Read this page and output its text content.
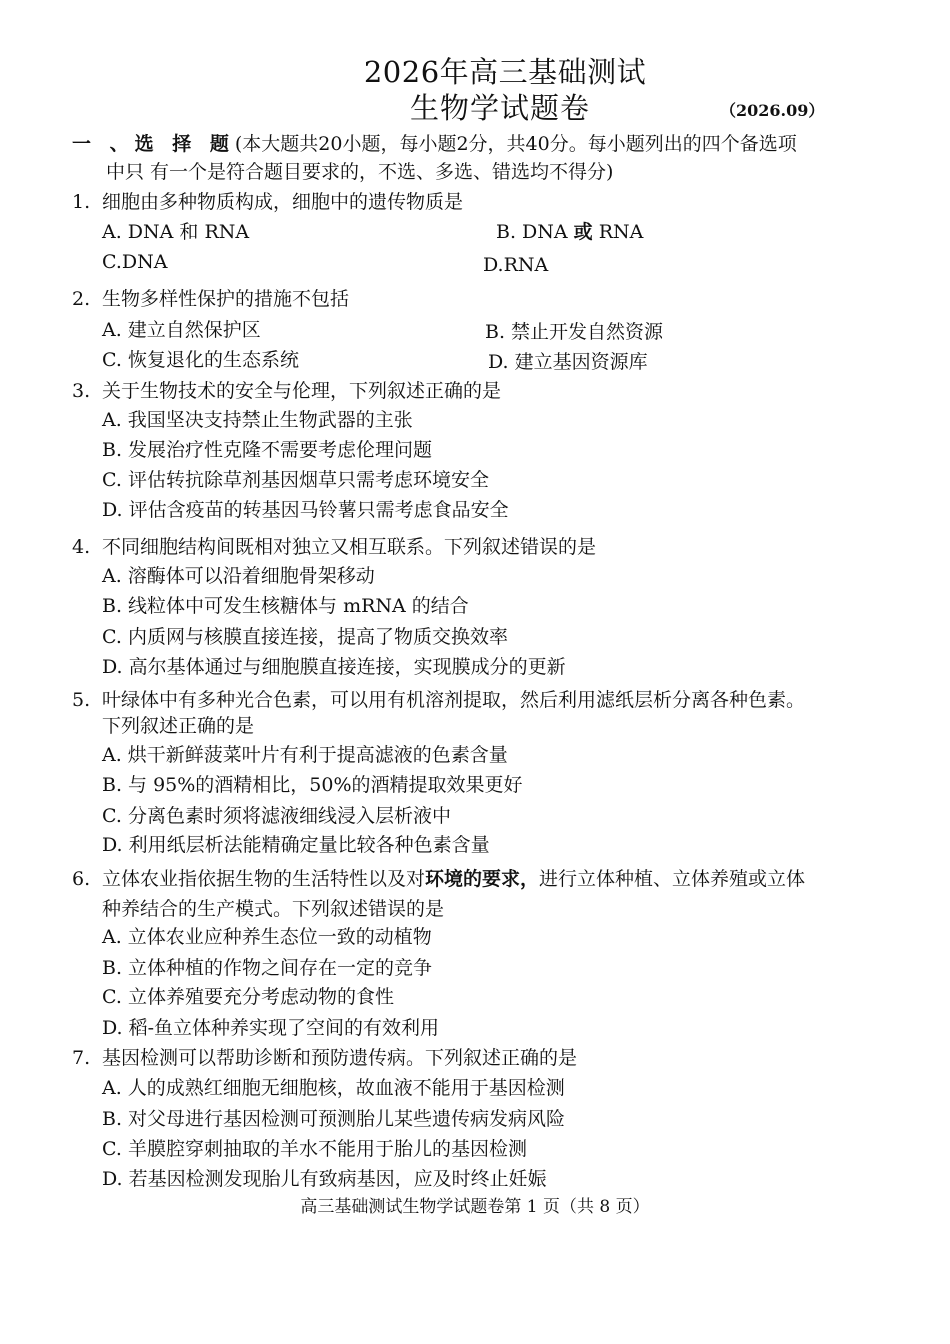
2026年高三基础测试
生物学试题卷	（2026.09）
一 、选 择 题(本大题共20小题，每小题2分，共40分。每小题列出的四个备选项
中只 有一个是符合题目要求的，不选、多选、错选均不得分)
1. 细胞由多种物质构成，细胞中的遗传物质是
A. DNA 和 RNA	B. DNA 或 RNA
C.DNA	D.RNA
2. 生物多样性保护的措施不包括
A. 建立自然保护区	B. 禁止开发自然资源
C. 恢复退化的生态系统	D. 建立基因资源库
3. 关于生物技术的安全与伦理，下列叙述正确的是
A. 我国坚决支持禁止生物武器的主张
B. 发展治疗性克隆不需要考虑伦理问题
C. 评估转抗除草剂基因烟草只需考虑环境安全
D. 评估含疫苗的转基因马铃薯只需考虑食品安全
4. 不同细胞结构间既相对独立又相互联系。下列叙述错误的是
A. 溶酶体可以沿着细胞骨架移动
B. 线粒体中可发生核糖体与 mRNA 的结合
C. 内质网与核膜直接连接，提高了物质交换效率
D. 高尔基体通过与细胞膜直接连接，实现膜成分的更新
5. 叶绿体中有多种光合色素，可以用有机溶剂提取，然后利用滤纸层析分离各种色素。
下列叙述正确的是
A. 烘干新鲜菠菜叶片有利于提高滤液的色素含量
B. 与 95%的酒精相比，50%的酒精提取效果更好
C. 分离色素时须将滤液细线浸入层析液中
D. 利用纸层析法能精确定量比较各种色素含量
6. 立体农业指依据生物的生活特性以及对环境的要求，进行立体种植、立体养殖或立体
种养结合的生产模式。下列叙述错误的是
A. 立体农业应种养生态位一致的动植物
B. 立体种植的作物之间存在一定的竞争
C. 立体养殖要充分考虑动物的食性
D. 稻-鱼立体种养实现了空间的有效利用
7. 基因检测可以帮助诊断和预防遗传病。下列叙述正确的是
A. 人的成熟红细胞无细胞核，故血液不能用于基因检测
B. 对父母进行基因检测可预测胎儿某些遗传病发病风险
C. 羊膜腔穿刺抽取的羊水不能用于胎儿的基因检测
D. 若基因检测发现胎儿有致病基因，应及时终止妊娠
高三基础测试生物学试题卷第 1 页（共 8 页）
